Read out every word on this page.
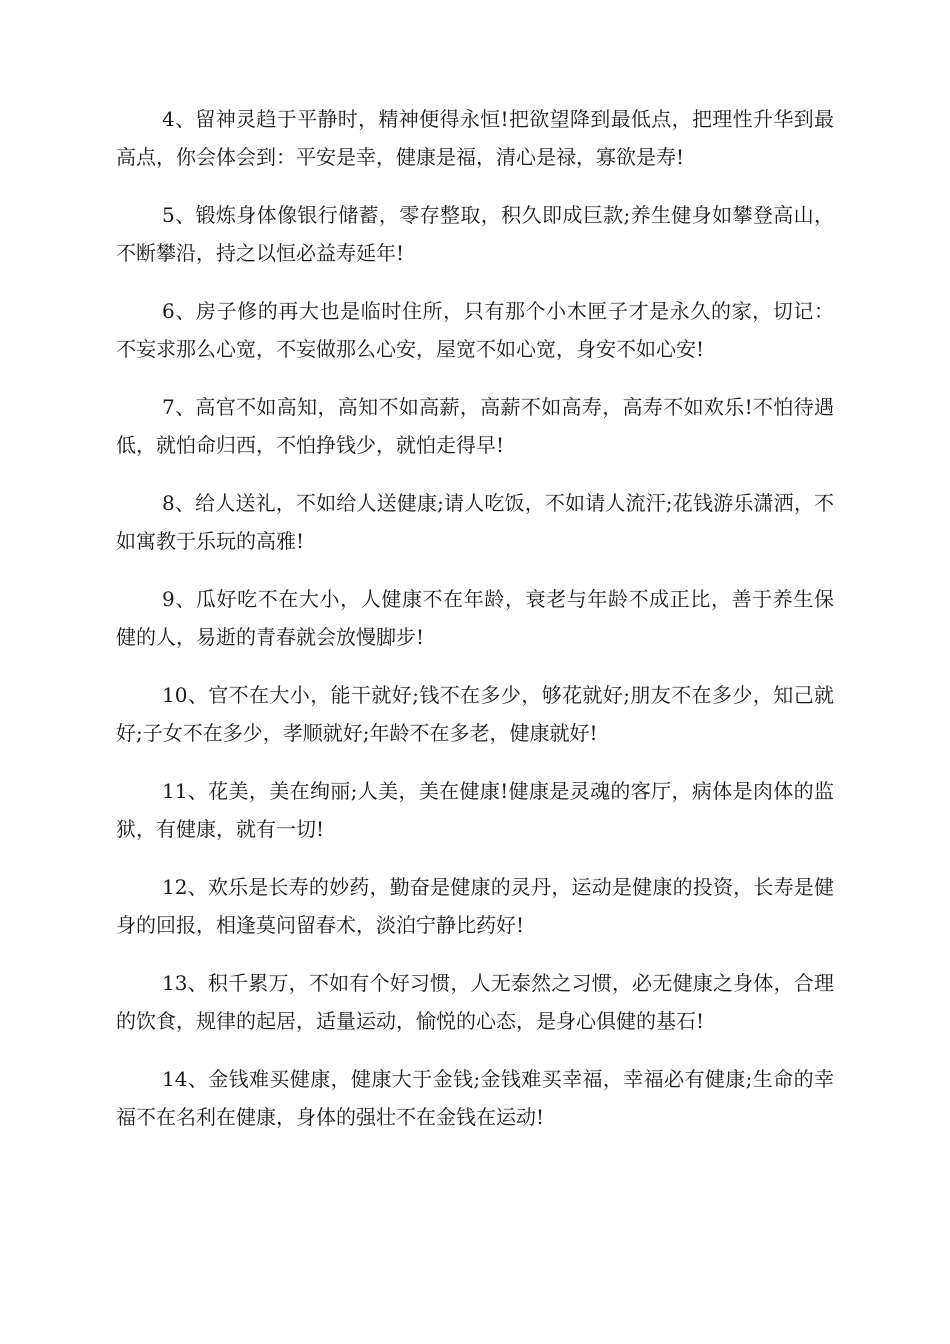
4、留神灵趋于平静时，精神便得永恒!把欲望降到最低点，把理性升华到最高点，你会体会到：平安是幸，健康是福，清心是禄，寡欲是寿!

5、锻炼身体像银行储蓄，零存整取，积久即成巨款;养生健身如攀登高山，不断攀沿，持之以恒必益寿延年!

6、房子修的再大也是临时住所，只有那个小木匣子才是永久的家，切记：不妄求那么心宽，不妄做那么心安，屋宽不如心宽，身安不如心安!

7、高官不如高知，高知不如高薪，高薪不如高寿，高寿不如欢乐!不怕待遇低，就怕命归西，不怕挣钱少，就怕走得早!

8、给人送礼，不如给人送健康;请人吃饭，不如请人流汗;花钱游乐潇洒，不如寓教于乐玩的高雅!

9、瓜好吃不在大小，人健康不在年龄，衰老与年龄不成正比，善于养生保健的人，易逝的青春就会放慢脚步!

10、官不在大小，能干就好;钱不在多少，够花就好;朋友不在多少，知己就好;子女不在多少，孝顺就好;年龄不在多老，健康就好!

11、花美，美在绚丽;人美，美在健康!健康是灵魂的客厅，病体是肉体的监狱，有健康，就有一切!

12、欢乐是长寿的妙药，勤奋是健康的灵丹，运动是健康的投资，长寿是健身的回报，相逢莫问留春术，淡泊宁静比药好!

13、积千累万，不如有个好习惯，人无泰然之习惯，必无健康之身体，合理的饮食，规律的起居，适量运动，愉悦的心态，是身心俱健的基石!

14、金钱难买健康，健康大于金钱;金钱难买幸福，幸福必有健康;生命的幸福不在名利在健康，身体的强壮不在金钱在运动!
